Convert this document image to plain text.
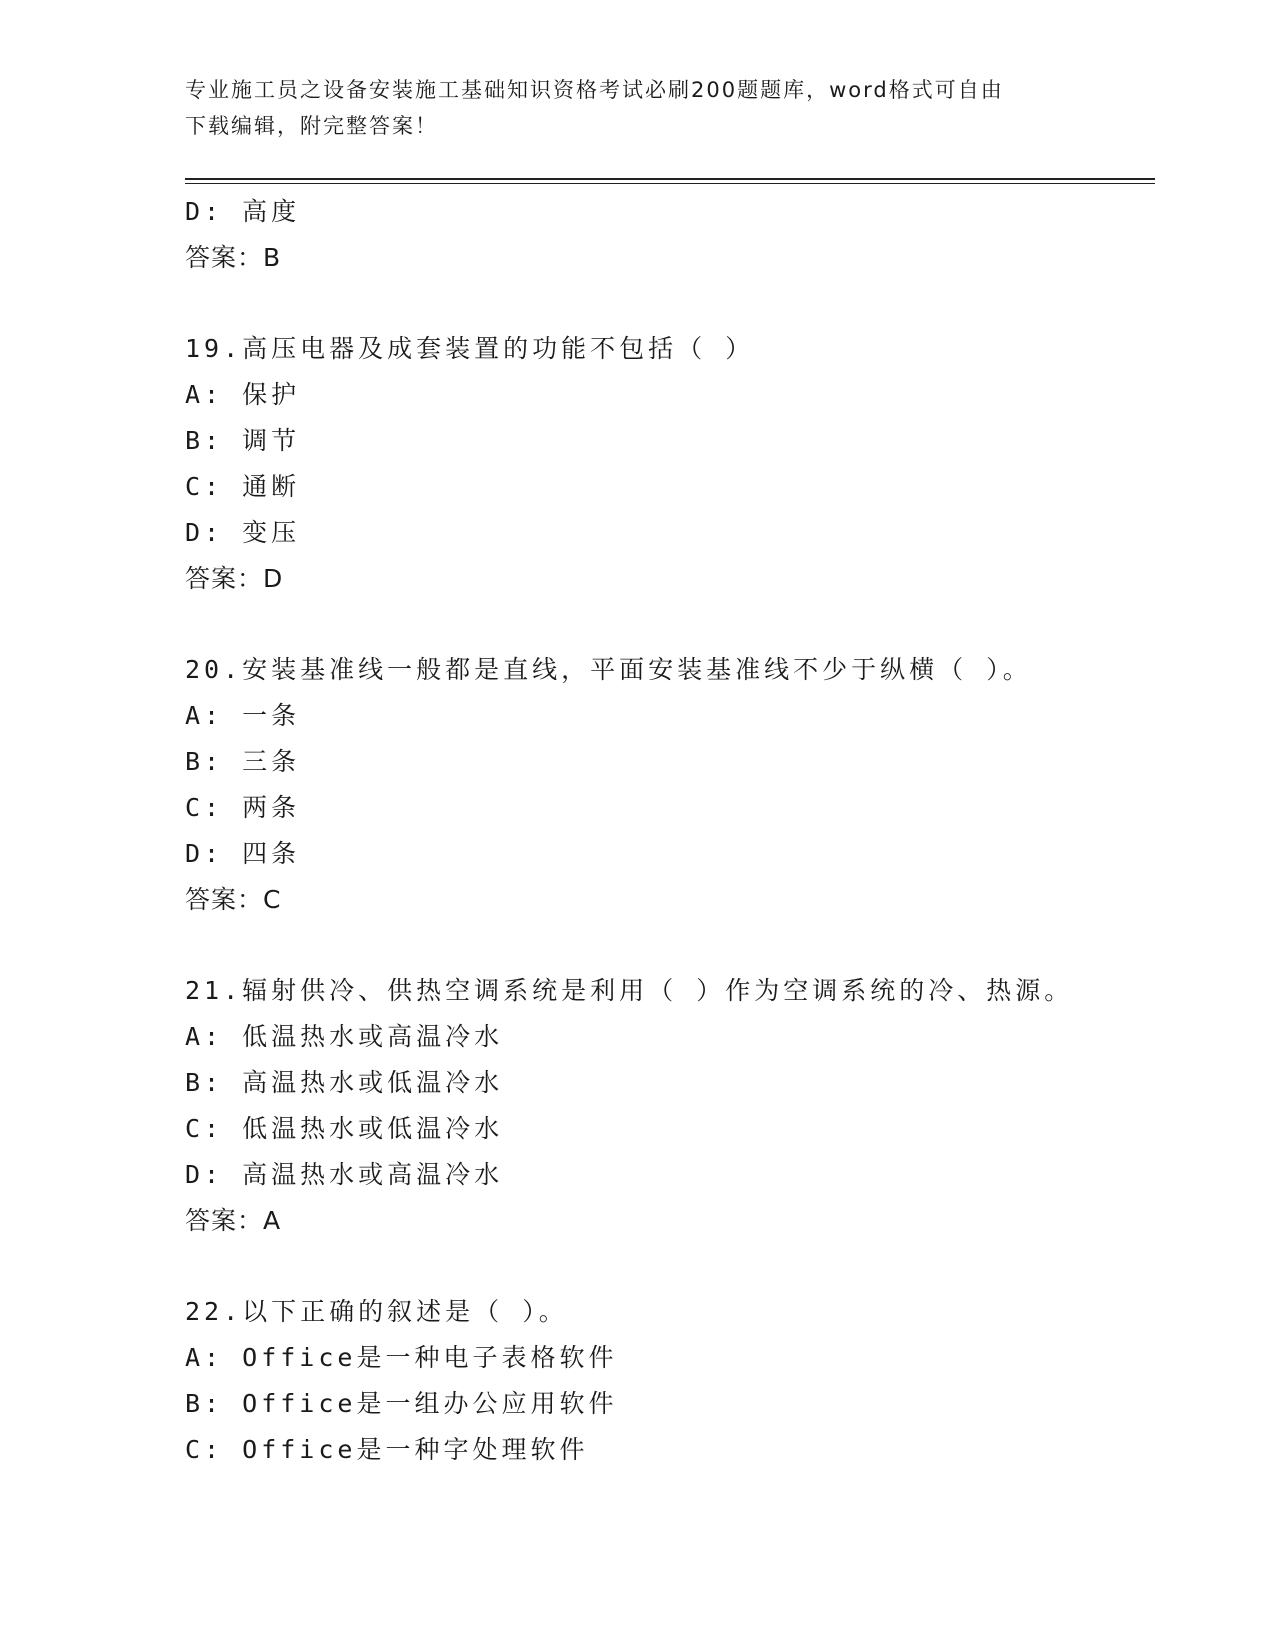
专业施工员之设备安装施工基础知识资格考试必刷200题题库，word格式可自由
下载编辑，附完整答案！
D: 高度
答案：B
19.高压电器及成套装置的功能不包括（ ）
A: 保护
B: 调节
C: 通断
D: 变压
答案：D
20.安装基准线一般都是直线，平面安装基准线不少于纵横（ ）。
A: 一条
B: 三条
C: 两条
D: 四条
答案：C
21.辐射供冷、供热空调系统是利用（ ）作为空调系统的冷、热源。
A: 低温热水或高温冷水
B: 高温热水或低温冷水
C: 低温热水或低温冷水
D: 高温热水或高温冷水
答案：A
22.以下正确的叙述是（ ）。
A: Office是一种电子表格软件
B: Office是一组办公应用软件
C: Office是一种字处理软件
